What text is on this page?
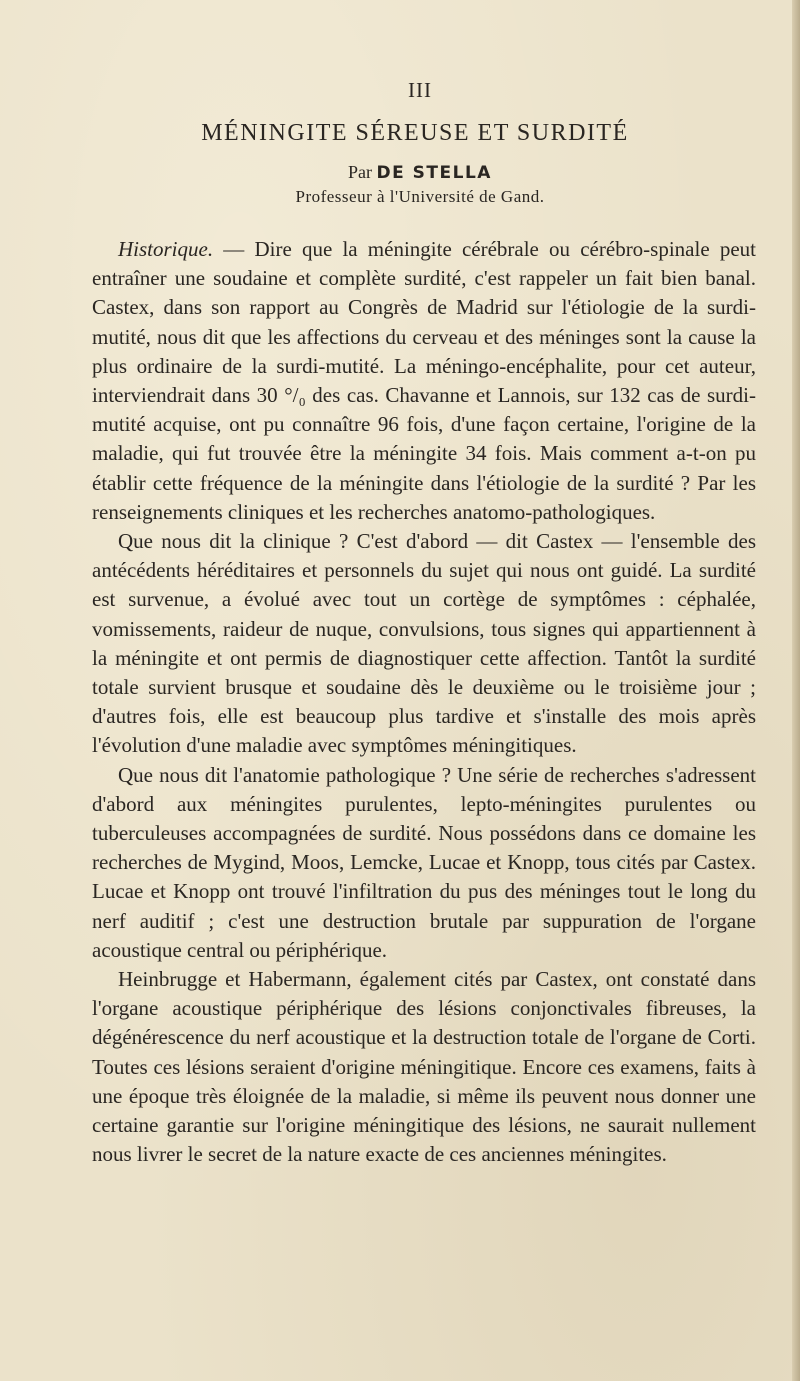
III
MÉNINGITE SÉREUSE ET SURDITÉ

Par DE STELLA

Professeur à l'Université de Gand.

Historique. — Dire que la méningite cérébrale ou cérébro-spinale peut entraîner une soudaine et complète surdité, c'est rappeler un fait bien banal. Castex, dans son rapport au Congrès de Madrid sur l'étiologie de la surdi-mutité, nous dit que les affections du cerveau et des méninges sont la cause la plus ordinaire de la surdi-mutité. La méningo-encéphalite, pour cet auteur, interviendrait dans 30 °/₀ des cas. Chavanne et Lannois, sur 132 cas de surdi-mutité acquise, ont pu connaître 96 fois, d'une façon certaine, l'origine de la maladie, qui fut trouvée être la méningite 34 fois. Mais comment a-t-on pu établir cette fréquence de la méningite dans l'étiologie de la surdité ? Par les renseignements cliniques et les recherches anatomo-pathologiques.

Que nous dit la clinique ? C'est d'abord — dit Castex — l'ensemble des antécédents héréditaires et personnels du sujet qui nous ont guidé. La surdité est survenue, a évolué avec tout un cortège de symptômes : céphalée, vomissements, raideur de nuque, convulsions, tous signes qui appartiennent à la méningite et ont permis de diagnostiquer cette affection. Tantôt la surdité totale survient brusque et soudaine dès le deuxième ou le troisième jour ; d'autres fois, elle est beaucoup plus tardive et s'installe des mois après l'évolution d'une maladie avec symptômes méningitiques.

Que nous dit l'anatomie pathologique ? Une série de recherches s'adressent d'abord aux méningites purulentes, lepto-méningites purulentes ou tuberculeuses accompagnées de surdité. Nous possédons dans ce domaine les recherches de Mygind, Moos, Lemcke, Lucae et Knopp, tous cités par Castex. Lucae et Knopp ont trouvé l'infiltration du pus des méninges tout le long du nerf auditif ; c'est une destruction brutale par suppuration de l'organe acoustique central ou périphérique.

Heinbrugge et Habermann, également cités par Castex, ont constaté dans l'organe acoustique périphérique des lésions conjonctivales fibreuses, la dégénérescence du nerf acoustique et la destruction totale de l'organe de Corti. Toutes ces lésions seraient d'origine méningitique. Encore ces examens, faits à une époque très éloignée de la maladie, si même ils peuvent nous donner une certaine garantie sur l'origine méningitique des lésions, ne saurait nullement nous livrer le secret de la nature exacte de ces anciennes méningites.
